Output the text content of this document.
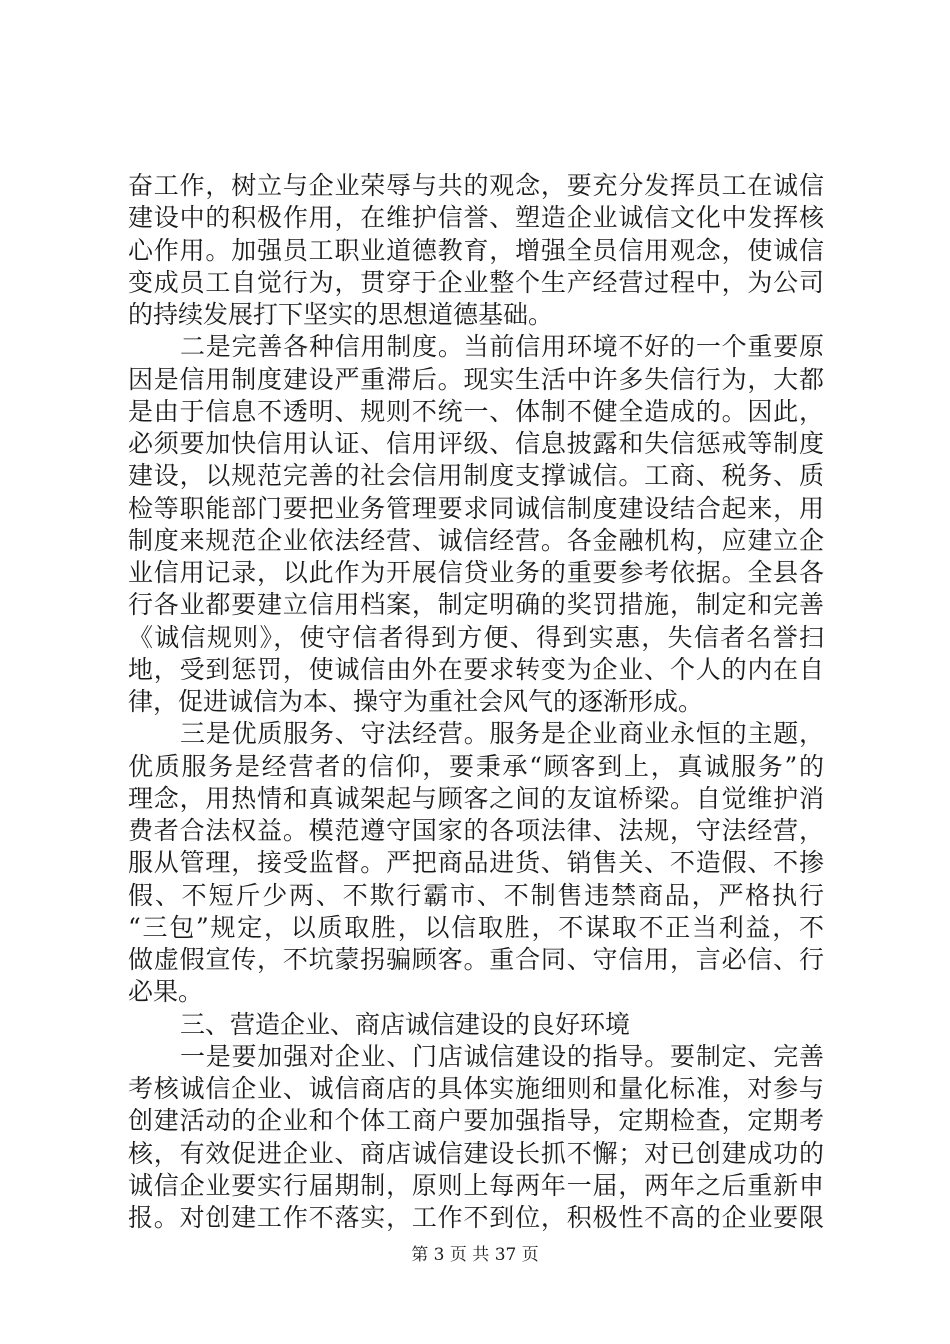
奋工作，树立与企业荣辱与共的观念，要充分发挥员工在诚信
建设中的积极作用，在维护信誉、塑造企业诚信文化中发挥核
心作用。加强员工职业道德教育，增强全员信用观念，使诚信
变成员工自觉行为，贯穿于企业整个生产经营过程中，为公司
的持续发展打下坚实的思想道德基础。
二是完善各种信用制度。当前信用环境不好的一个重要原
因是信用制度建设严重滞后。现实生活中许多失信行为，大都
是由于信息不透明、规则不统一、体制不健全造成的。因此，
必须要加快信用认证、信用评级、信息披露和失信惩戒等制度
建设，以规范完善的社会信用制度支撑诚信。工商、税务、质
检等职能部门要把业务管理要求同诚信制度建设结合起来，用
制度来规范企业依法经营、诚信经营。各金融机构，应建立企
业信用记录，以此作为开展信贷业务的重要参考依据。全县各
行各业都要建立信用档案，制定明确的奖罚措施，制定和完善
《诚信规则》，使守信者得到方便、得到实惠，失信者名誉扫
地，受到惩罚，使诚信由外在要求转变为企业、个人的内在自
律，促进诚信为本、操守为重社会风气的逐渐形成。
三是优质服务、守法经营。服务是企业商业永恒的主题，
优质服务是经营者的信仰，要秉承“顾客到上，真诚服务”的
理念，用热情和真诚架起与顾客之间的友谊桥梁。自觉维护消
费者合法权益。模范遵守国家的各项法律、法规，守法经营，
服从管理，接受监督。严把商品进货、销售关、不造假、不掺
假、不短斤少两、不欺行霸市、不制售违禁商品，严格执行
“三包”规定，以质取胜，以信取胜，不谋取不正当利益，不
做虚假宣传，不坑蒙拐骗顾客。重合同、守信用，言必信、行
必果。
三、营造企业、商店诚信建设的良好环境
一是要加强对企业、门店诚信建设的指导。要制定、完善
考核诚信企业、诚信商店的具体实施细则和量化标准，对参与
创建活动的企业和个体工商户要加强指导，定期检查，定期考
核，有效促进企业、商店诚信建设长抓不懈；对已创建成功的
诚信企业要实行届期制，原则上每两年一届，两年之后重新申
报。对创建工作不落实，工作不到位，积极性不高的企业要限
第 3 页 共 37 页
